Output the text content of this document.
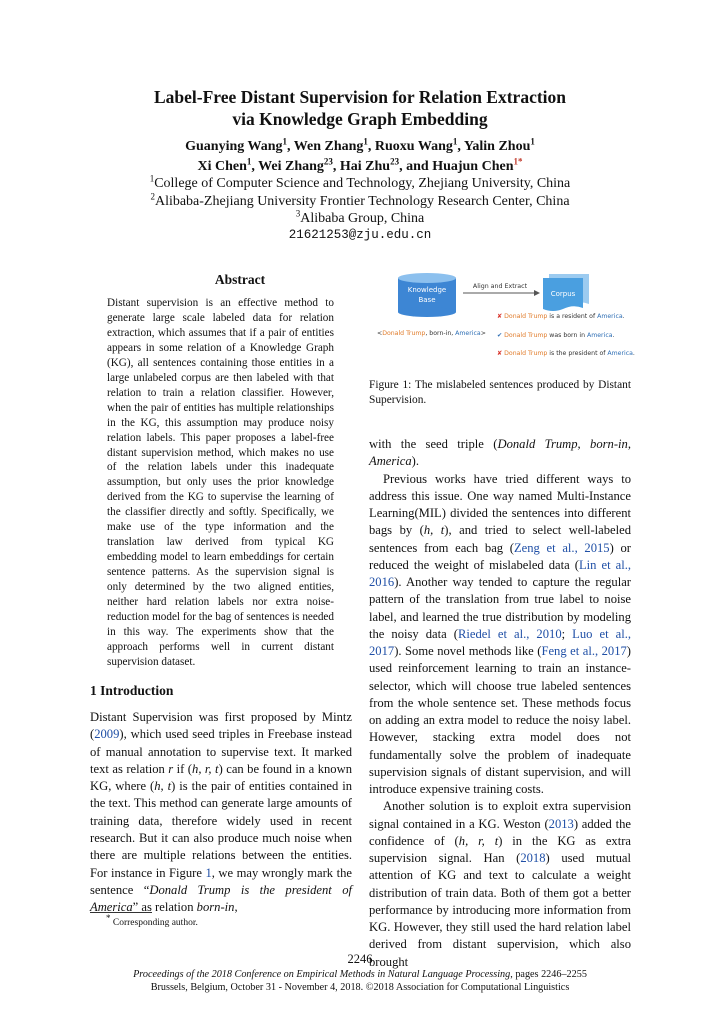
Label-Free Distant Supervision for Relation Extraction
via Knowledge Graph Embedding
Guanying Wang$^1$, Wen Zhang$^1$, Ruoxu Wang$^1$, Yalin Zhou$^1$
Xi Chen$^1$, Wei Zhang$^{23}$, Hai Zhu$^{23}$, and Huajun Chen$^{1*}$
$^1$College of Computer Science and Technology, Zhejiang University, China
$^2$Alibaba-Zhejiang University Frontier Technology Research Center, China
$^3$Alibaba Group, China
21621253@zju.edu.cn
Abstract
Distant supervision is an effective method to generate large scale labeled data for relation extraction, which assumes that if a pair of entities appears in some relation of a Knowledge Graph (KG), all sentences containing those entities in a large unlabeled corpus are then labeled with that relation to train a relation classifier. However, when the pair of entities has multiple relationships in the KG, this assumption may produce noisy relation labels. This paper proposes a label-free distant supervision method, which makes no use of the relation labels under this inadequate assumption, but only uses the prior knowledge derived from the KG to supervise the learning of the classifier directly and softly. Specifically, we make use of the type information and the translation law derived from typical KG embedding model to learn embeddings for certain sentence patterns. As the supervision signal is only determined by the two aligned entities, neither hard relation labels nor extra noise-reduction model for the bag of sentences is needed in this way. The experiments show that the approach performs well in current distant supervision dataset.
1 Introduction

Distant Supervision was first proposed by Mintz (2009), which used seed triples in Freebase instead of manual annotation to supervise text. It marked text as relation r if (h, r, t) can be found in a known KG, where (h, t) is the pair of entities contained in the text. This method can generate large amounts of training data, therefore widely used in recent research. But it can also produce much noise when there are multiple relations between the entities. For instance in Figure 1, we may wrongly mark the sentence “Donald Trump is the president of America” as relation born-in,

* Corresponding author.
Knowledge
Base
Align and Extract
Corpus
<Donald Trump, born-in, America>
✘ Donald Trump is a resident of America.
✔ Donald Trump was born in America.
✘ Donald Trump is the president of America.
Figure 1: The mislabeled sentences produced by Distant Supervision.

with the seed triple (Donald Trump, born-in, America).

Previous works have tried different ways to address this issue. One way named Multi-Instance Learning(MIL) divided the sentences into different bags by (h, t), and tried to select well-labeled sentences from each bag (Zeng et al., 2015) or reduced the weight of mislabeled data (Lin et al., 2016). Another way tended to capture the regular pattern of the translation from true label to noise label, and learned the true distribution by modeling the noisy data (Riedel et al., 2010; Luo et al., 2017). Some novel methods like (Feng et al., 2017) used reinforcement learning to train an instance-selector, which will choose true labeled sentences from the whole sentence set. These methods focus on adding an extra model to reduce the noisy label. However, stacking extra model does not fundamentally solve the problem of inadequate supervision signals of distant supervision, and will introduce expensive training costs.

Another solution is to exploit extra supervision signal contained in a KG. Weston (2013) added the confidence of (h, r, t) in the KG as extra supervision signal. Han (2018) used mutual attention of KG and text to calculate a weight distribution of train data. Both of them got a better performance by introducing more information from KG. However, they still used the hard relation label derived from distant supervision, which also brought

2246
Proceedings of the 2018 Conference on Empirical Methods in Natural Language Processing, pages 2246–2255
Brussels, Belgium, October 31 - November 4, 2018. ©2018 Association for Computational Linguistics
